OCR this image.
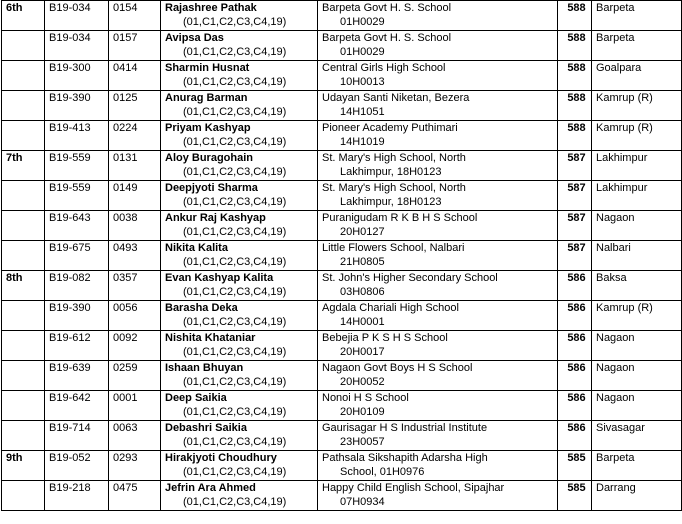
6th	B19-034	0154	Rajashree Pathak
(01,C1,C2,C3,C4,19)	Barpeta Govt H. S. School
01H0029	588	Barpeta
	B19-034	0157	Avipsa Das
(01,C1,C2,C3,C4,19)	Barpeta Govt H. S. School
01H0029	588	Barpeta
	B19-300	0414	Sharmin Husnat
(01,C1,C2,C3,C4,19)	Central Girls High School
10H0013	588	Goalpara
	B19-390	0125	Anurag Barman
(01,C1,C2,C3,C4,19)	Udayan Santi Niketan, Bezera
14H1051	588	Kamrup (R)
	B19-413	0224	Priyam Kashyap
(01,C1,C2,C3,C4,19)	Pioneer Academy Puthimari
14H1019	588	Kamrup (R)
7th	B19-559	0131	Aloy Buragohain
(01,C1,C2,C3,C4,19)	St. Mary's High School, North
Lakhimpur, 18H0123	587	Lakhimpur
	B19-559	0149	Deepjyoti Sharma
(01,C1,C2,C3,C4,19)	St. Mary's High School, North
Lakhimpur, 18H0123	587	Lakhimpur
	B19-643	0038	Ankur Raj Kashyap
(01,C1,C2,C3,C4,19)	Puranigudam R K B H S School
20H0127	587	Nagaon
	B19-675	0493	Nikita Kalita
(01,C1,C2,C3,C4,19)	Little Flowers School, Nalbari
21H0805	587	Nalbari
8th	B19-082	0357	Evan Kashyap Kalita
(01,C1,C2,C3,C4,19)	St. John's Higher Secondary School
03H0806	586	Baksa
	B19-390	0056	Barasha Deka
(01,C1,C2,C3,C4,19)	Agdala Chariali High School
14H0001	586	Kamrup (R)
	B19-612	0092	Nishita Khataniar
(01,C1,C2,C3,C4,19)	Bebejia P K S H S School
20H0017	586	Nagaon
	B19-639	0259	Ishaan Bhuyan
(01,C1,C2,C3,C4,19)	Nagaon Govt Boys H S School
20H0052	586	Nagaon
	B19-642	0001	Deep Saikia
(01,C1,C2,C3,C4,19)	Nonoi H S School
20H0109	586	Nagaon
	B19-714	0063	Debashri Saikia
(01,C1,C2,C3,C4,19)	Gaurisagar H S Industrial Institute
23H0057	586	Sivasagar
9th	B19-052	0293	Hirakjyoti Choudhury
(01,C1,C2,C3,C4,19)	Pathsala Sikshapith Adarsha High
School, 01H0976	585	Barpeta
	B19-218	0475	Jefrin Ara Ahmed
(01,C1,C2,C3,C4,19)	Happy Child English School, Sipajhar
07H0934	585	Darrang
